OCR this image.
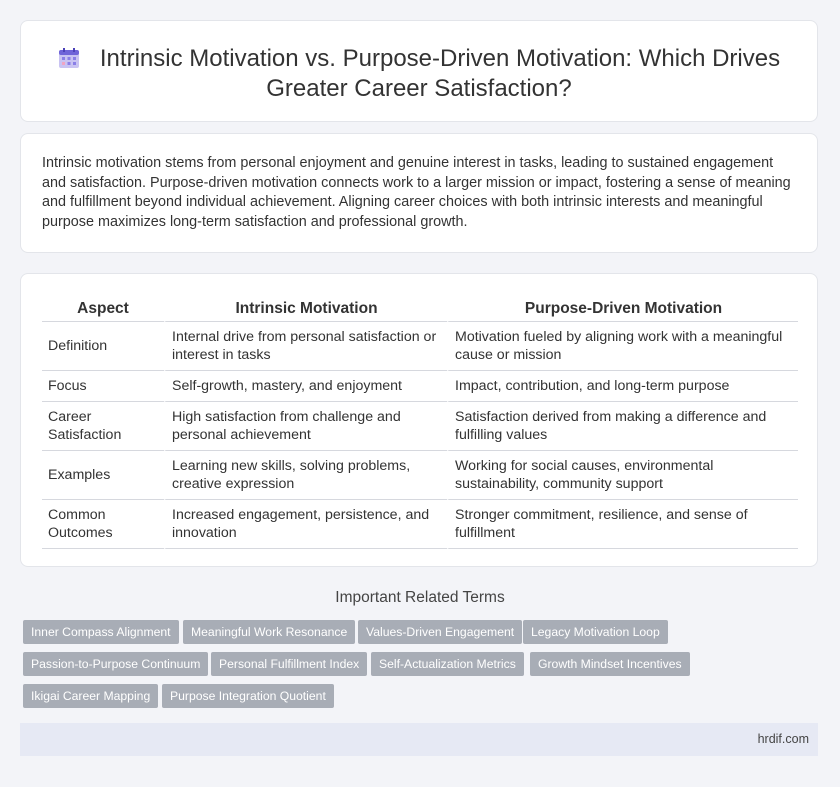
Intrinsic Motivation vs. Purpose-Driven Motivation: Which Drives Greater Career Satisfaction?
Intrinsic motivation stems from personal enjoyment and genuine interest in tasks, leading to sustained engagement and satisfaction. Purpose-driven motivation connects work to a larger mission or impact, fostering a sense of meaning and fulfillment beyond individual achievement. Aligning career choices with both intrinsic interests and meaningful purpose maximizes long-term satisfaction and professional growth.
Aspect	Intrinsic Motivation	Purpose-Driven Motivation
Definition	Internal drive from personal satisfaction or interest in tasks	Motivation fueled by aligning work with a meaningful cause or mission
Focus	Self-growth, mastery, and enjoyment	Impact, contribution, and long-term purpose
Career Satisfaction	High satisfaction from challenge and personal achievement	Satisfaction derived from making a difference and fulfilling values
Examples	Learning new skills, solving problems, creative expression	Working for social causes, environmental sustainability, community support
Common Outcomes	Increased engagement, persistence, and innovation	Stronger commitment, resilience, and sense of fulfillment
Important Related Terms
Inner Compass Alignment	Meaningful Work Resonance	Values-Driven Engagement	Legacy Motivation Loop
Passion-to-Purpose Continuum	Personal Fulfillment Index	Self-Actualization Metrics	Growth Mindset Incentives
Ikigai Career Mapping	Purpose Integration Quotient
hrdif.com
